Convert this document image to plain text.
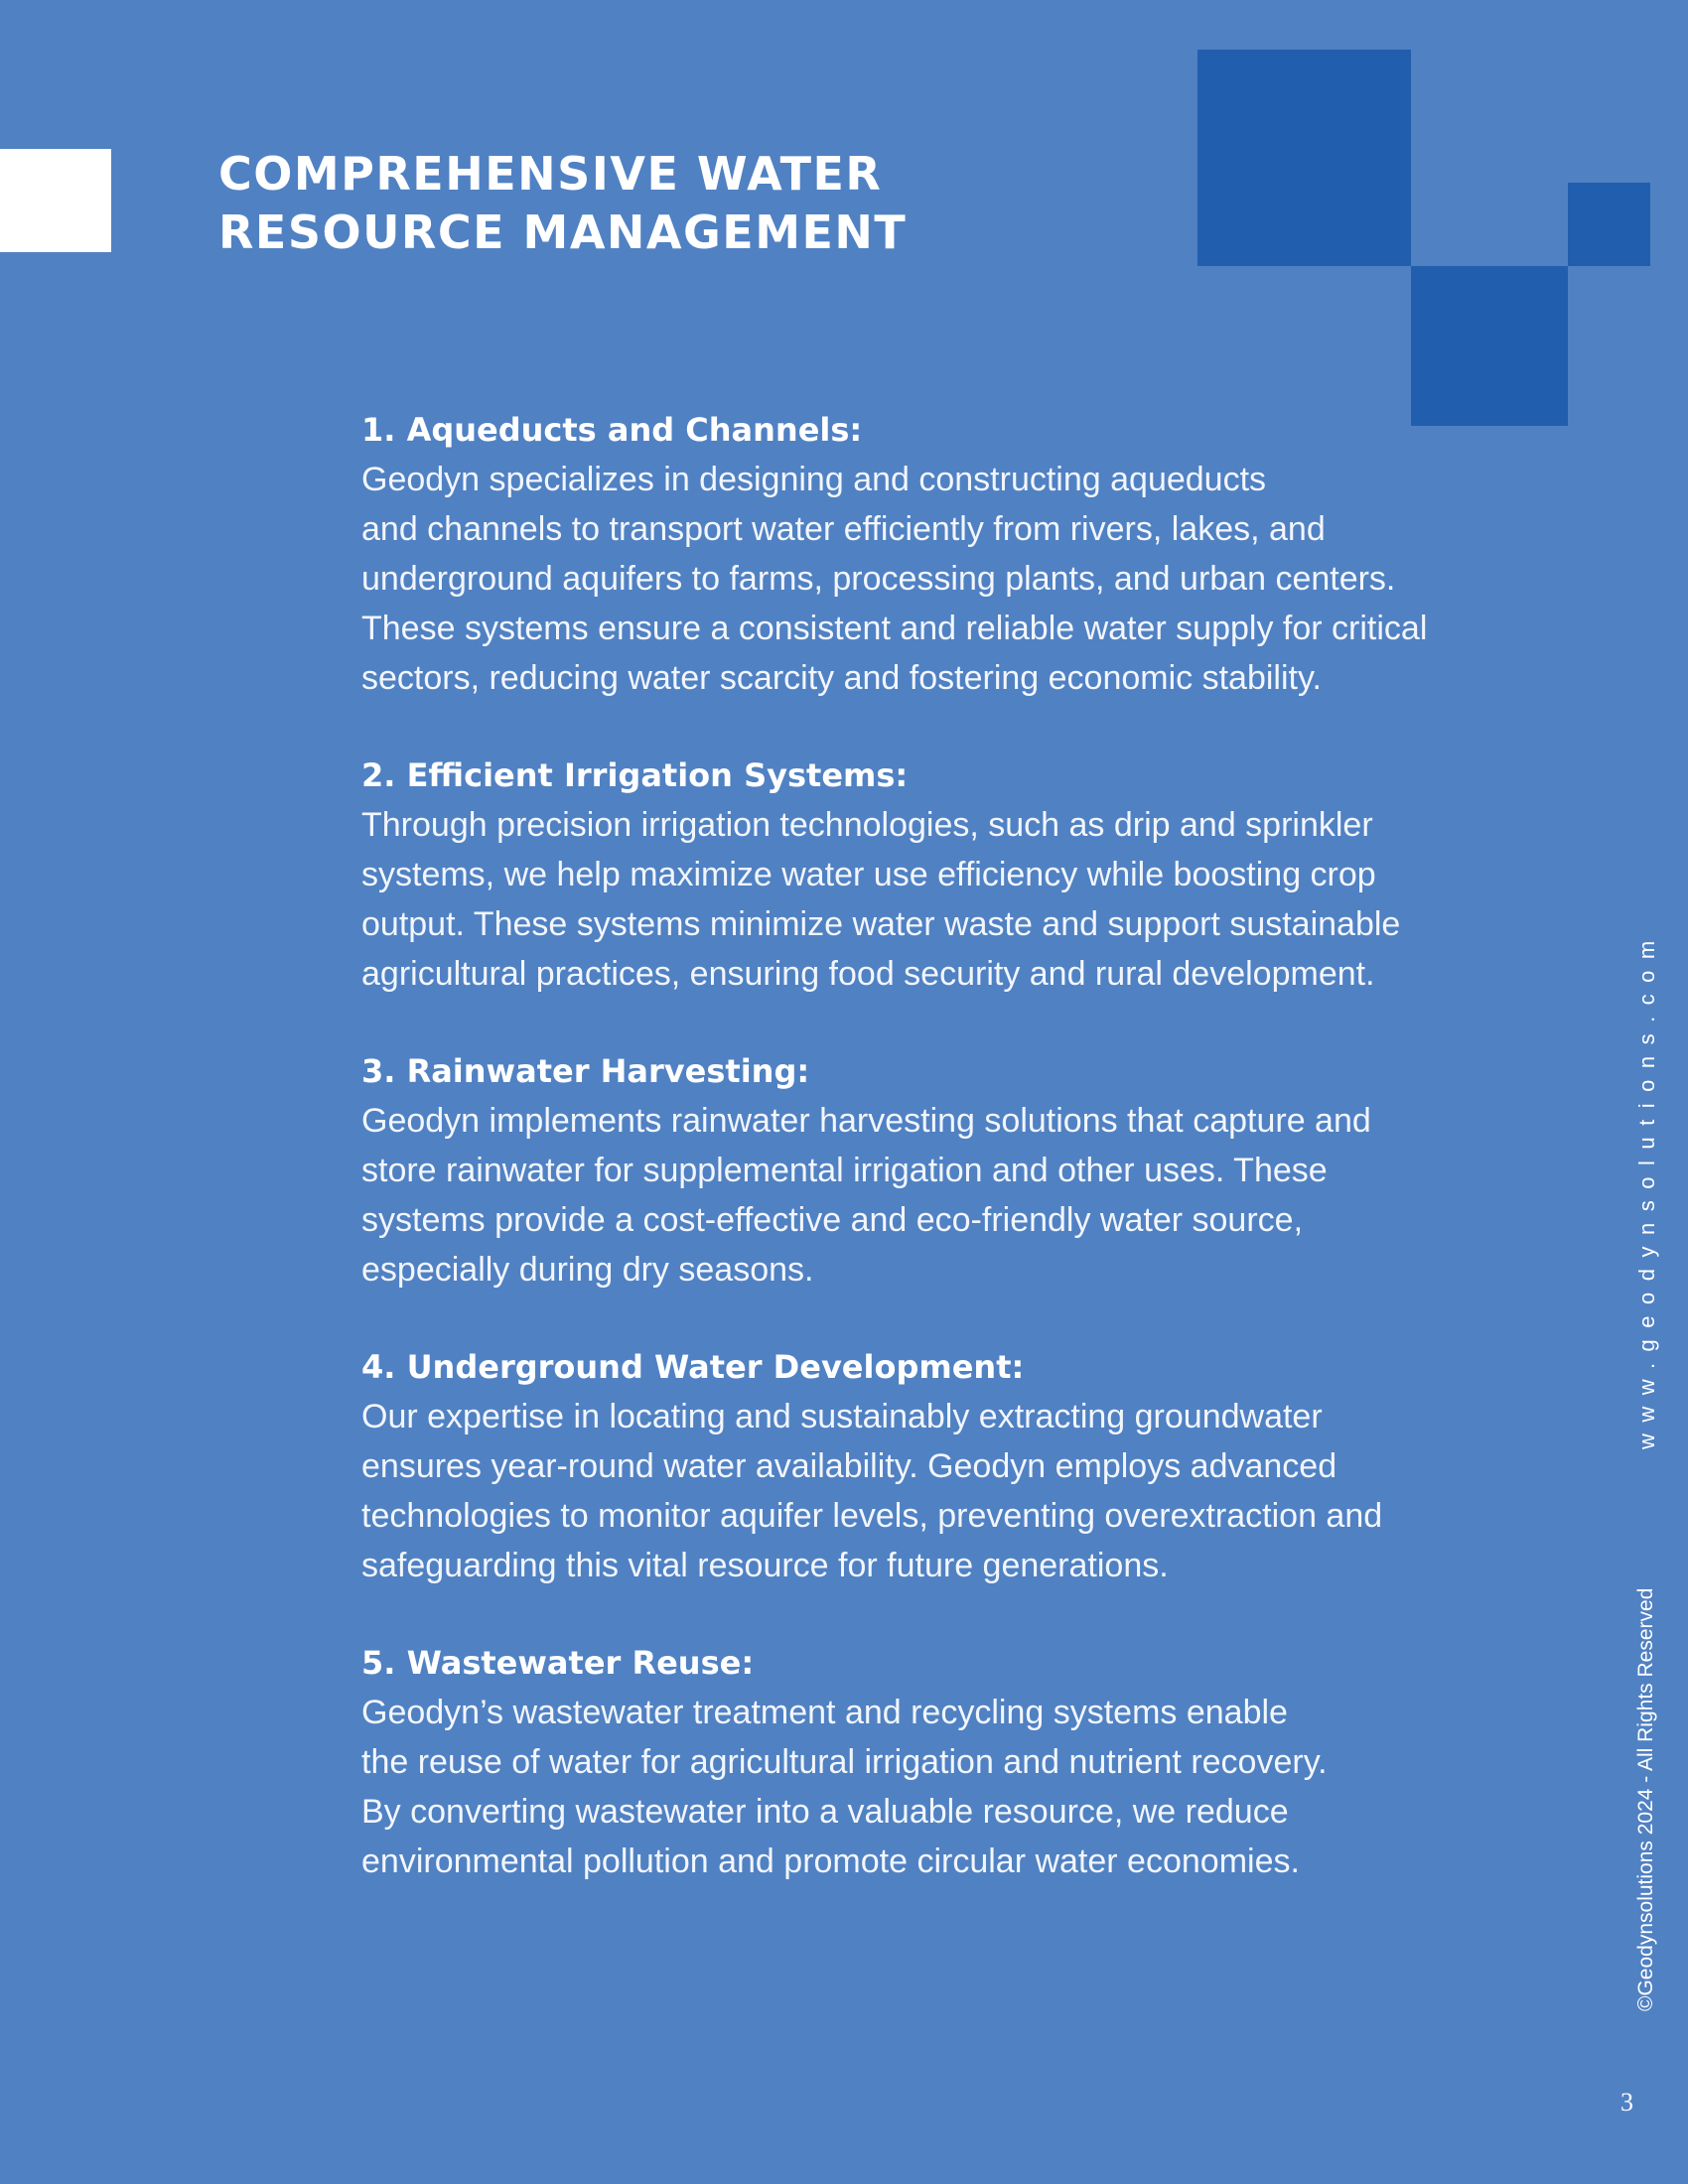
COMPREHENSIVE WATER
RESOURCE MANAGEMENT
1. Aqueducts and Channels:
Geodyn specializes in designing and constructing aqueducts
and channels to transport water efficiently from rivers, lakes, and
underground aquifers to farms, processing plants, and urban centers.
These systems ensure a consistent and reliable water supply for critical
sectors, reducing water scarcity and fostering economic stability.
2. Efficient Irrigation Systems:
Through precision irrigation technologies, such as drip and sprinkler
systems, we help maximize water use efficiency while boosting crop
output. These systems minimize water waste and support sustainable
agricultural practices, ensuring food security and rural development.
3. Rainwater Harvesting:
Geodyn implements rainwater harvesting solutions that capture and
store rainwater for supplemental irrigation and other uses. These
systems provide a cost-effective and eco-friendly water source,
especially during dry seasons.
4. Underground Water Development:
Our expertise in locating and sustainably extracting groundwater
ensures year-round water availability. Geodyn employs advanced
technologies to monitor aquifer levels, preventing overextraction and
safeguarding this vital resource for future generations.
5. Wastewater Reuse:
Geodyn’s wastewater treatment and recycling systems enable
the reuse of water for agricultural irrigation and nutrient recovery.
By converting wastewater into a valuable resource, we reduce
environmental pollution and promote circular water economies.
www.geodynsolutions.com
©Geodynsolutions 2024 - All Rights Reserved
3
